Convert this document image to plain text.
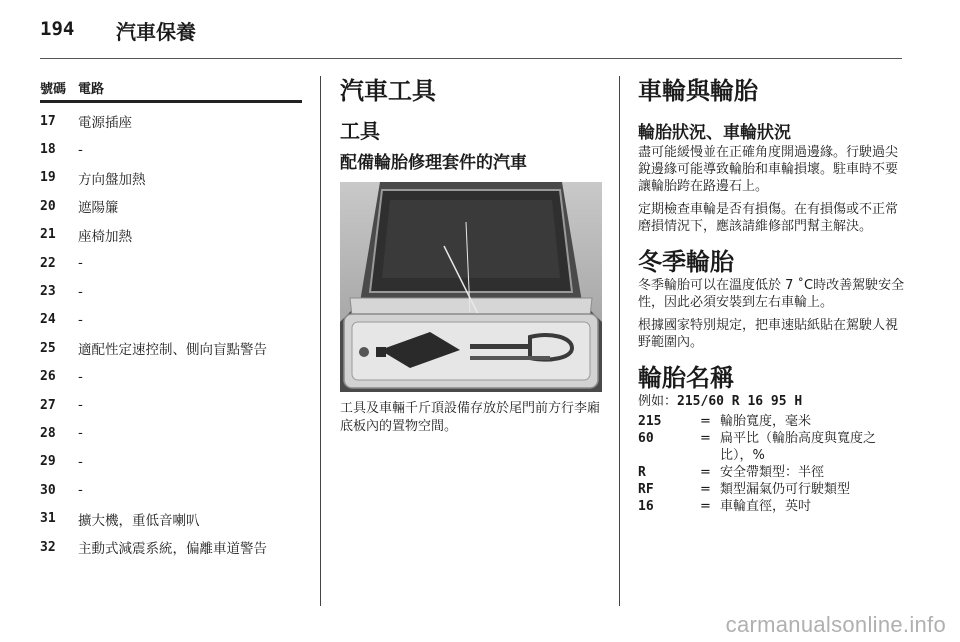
194 汽車保養
號碼 電路
17	電源插座
18	-
19	方向盤加熱
20	遮陽簾
21	座椅加熱
22	-
23	-
24	-
25	適配性定速控制、側向盲點警告
26	-
27	-
28	-
29	-
30	-
31	擴大機，重低音喇叭
32	主動式減震系統，偏離車道警告
汽車工具
工具
配備輪胎修理套件的汽車
工具及車輛千斤頂設備存放於尾門前方行李廂底板內的置物空間。
車輪與輪胎
輪胎狀況、車輪狀況

盡可能緩慢並在正確角度開過邊緣。行駛過尖銳邊緣可能導致輪胎和車輪損壞。駐車時不要讓輪胎跨在路邊石上。

定期檢查車輪是否有損傷。在有損傷或不正常磨損情況下，應該請維修部門幫主解決。

冬季輪胎

冬季輪胎可以在溫度低於 7 ˚C時改善駕駛安全性，因此必須安裝到左右車輪上。

根據國家特別規定，把車速貼紙貼在駕駛人視野範圍內。

輪胎名稱
例如：215/60 R 16 95 H
215	= 輪胎寬度，毫米
60	= 扁平比（輪胎高度與寬度之比），%
R	= 安全帶類型：半徑
RF	= 類型漏氣仍可行駛類型
16	= 車輪直徑，英吋
carmanualsonline.info
